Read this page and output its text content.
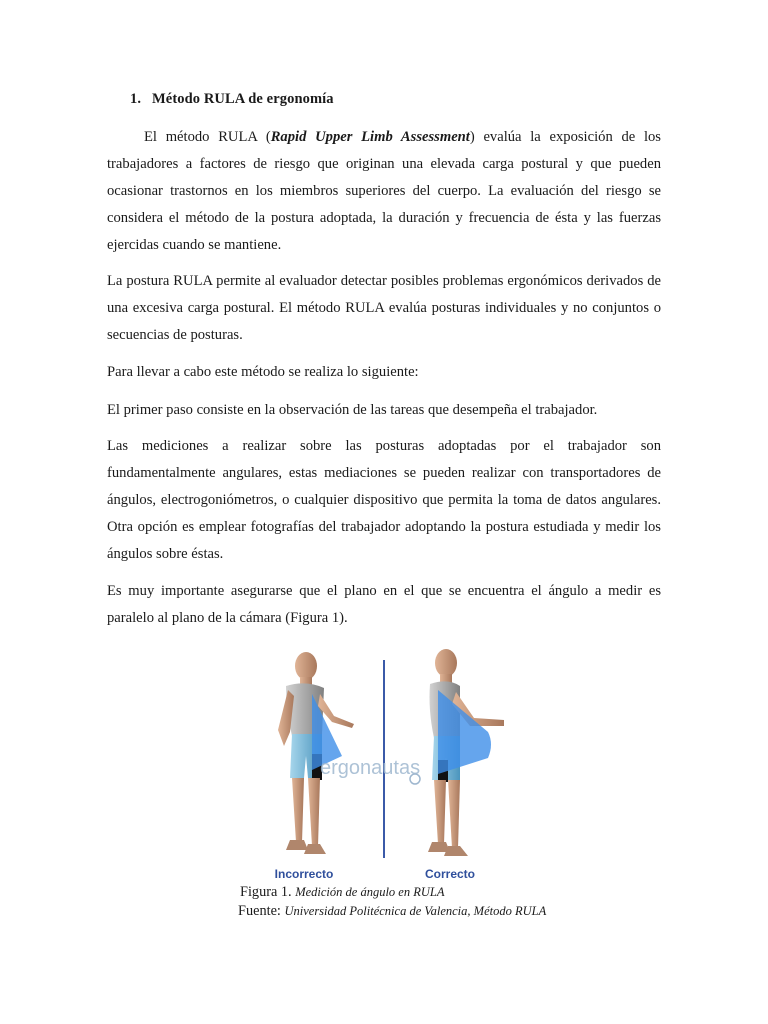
1. Método RULA de ergonomía

El método RULA (Rapid Upper Limb Assessment) evalúa la exposición de los trabajadores a factores de riesgo que originan una elevada carga postural y que pueden ocasionar trastornos en los miembros superiores del cuerpo. La evaluación del riesgo se considera el método de la postura adoptada, la duración y frecuencia de ésta y las fuerzas ejercidas cuando se mantiene.

La postura RULA permite al evaluador detectar posibles problemas ergonómicos derivados de una excesiva carga postural. El método RULA evalúa posturas individuales y no conjuntos o secuencias de posturas.

Para llevar a cabo este método se realiza lo siguiente:

El primer paso consiste en la observación de las tareas que desempeña el trabajador.

Las mediciones a realizar sobre las posturas adoptadas por el trabajador son fundamentalmente angulares, estas mediaciones se pueden realizar con transportadores de ángulos, electrogoniómetros, o cualquier dispositivo que permita la toma de datos angulares. Otra opción es emplear fotografías del trabajador adoptando la postura estudiada y medir los ángulos sobre éstas.

Es muy importante asegurarse que el plano en el que se encuentra el ángulo a medir es paralelo al plano de la cámara (Figura 1).

ergonautas
Incorrecto	Correcto
Figura 1. Medición de ángulo en RULA
Fuente: Universidad Politécnica de Valencia, Método RULA
